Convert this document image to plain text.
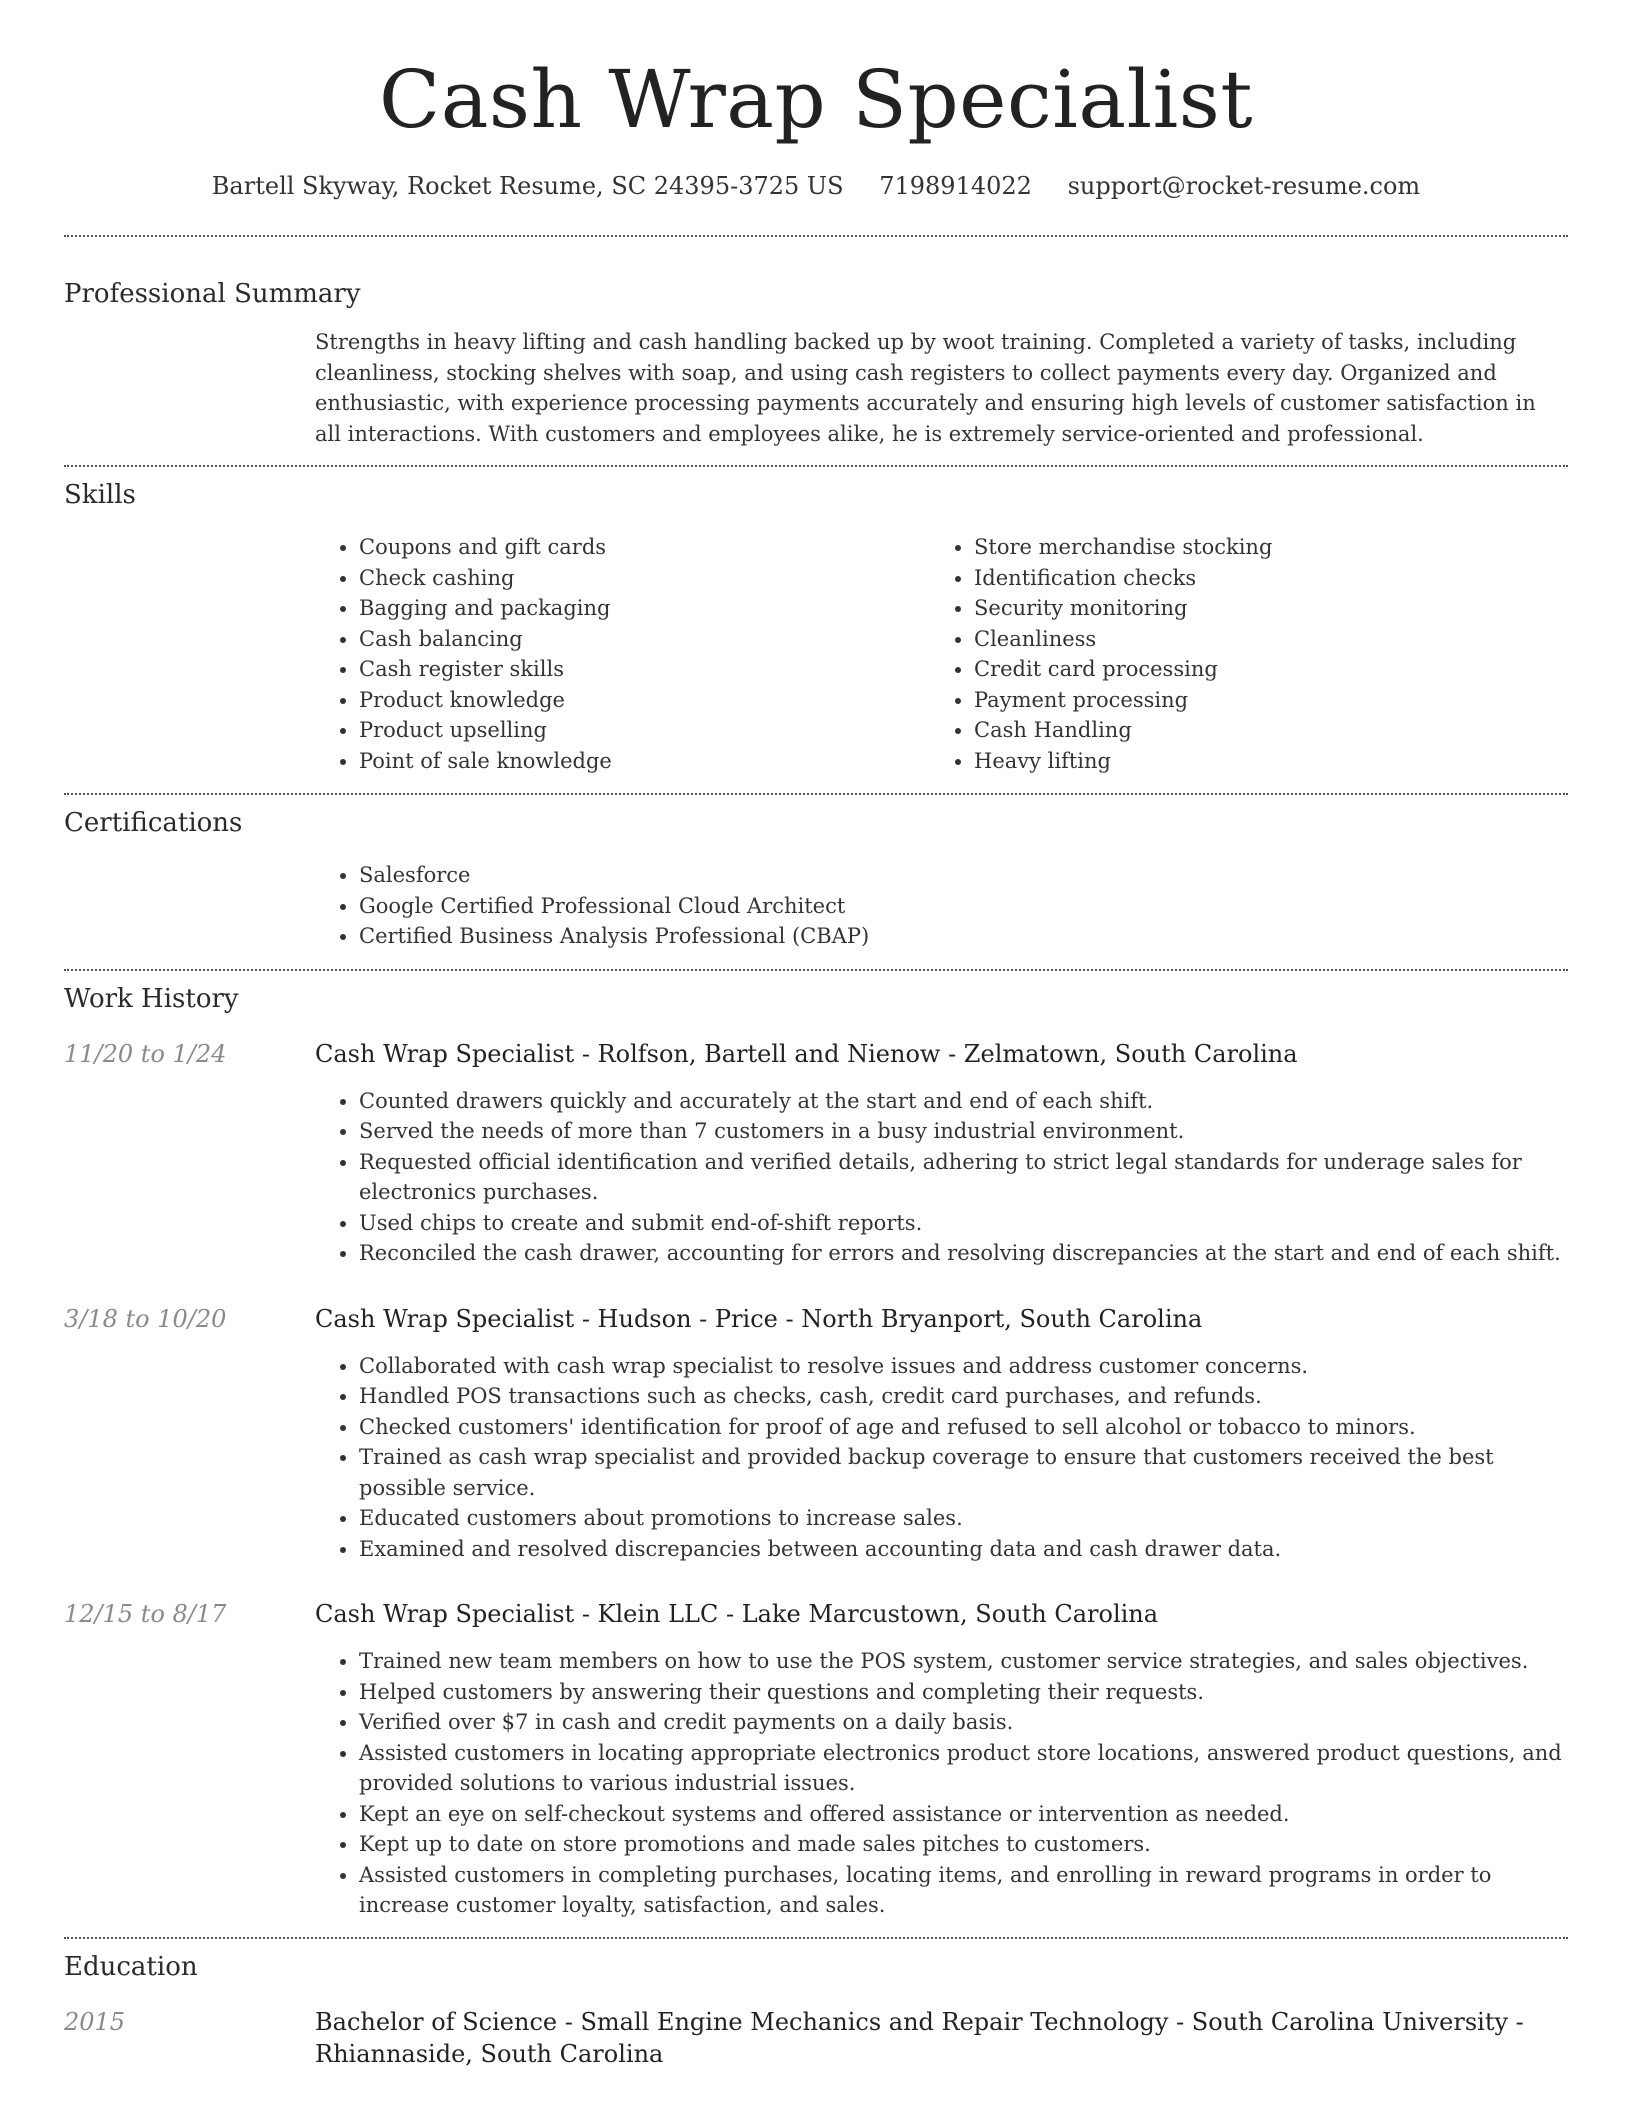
Cash Wrap Specialist
Bartell Skyway, Rocket Resume, SC 24395-3725 US 7198914022 support@rocket-resume.com
Professional Summary

Strengths in heavy lifting and cash handling backed up by woot training. Completed a variety of tasks, including cleanliness, stocking shelves with soap, and using cash registers to collect payments every day. Organized and enthusiastic, with experience processing payments accurately and ensuring high levels of customer satisfaction in all interactions. With customers and employees alike, he is extremely service-oriented and professional.

Skills
• Coupons and gift cards
• Check cashing
• Bagging and packaging
• Cash balancing
• Cash register skills
• Product knowledge
• Product upselling
• Point of sale knowledge
• Store merchandise stocking
• Identification checks
• Security monitoring
• Cleanliness
• Credit card processing
• Payment processing
• Cash Handling
• Heavy lifting
Certifications
• Salesforce
• Google Certified Professional Cloud Architect
• Certified Business Analysis Professional (CBAP)
Work History
11/20 to 1/24	Cash Wrap Specialist - Rolfson, Bartell and Nienow - Zelmatown, South Carolina
• Counted drawers quickly and accurately at the start and end of each shift.
• Served the needs of more than 7 customers in a busy industrial environment.
• Requested official identification and verified details, adhering to strict legal standards for underage sales for electronics purchases.
• Used chips to create and submit end-of-shift reports.
• Reconciled the cash drawer, accounting for errors and resolving discrepancies at the start and end of each shift.
3/18 to 10/20	Cash Wrap Specialist - Hudson - Price - North Bryanport, South Carolina
• Collaborated with cash wrap specialist to resolve issues and address customer concerns.
• Handled POS transactions such as checks, cash, credit card purchases, and refunds.
• Checked customers' identification for proof of age and refused to sell alcohol or tobacco to minors.
• Trained as cash wrap specialist and provided backup coverage to ensure that customers received the best possible service.
• Educated customers about promotions to increase sales.
• Examined and resolved discrepancies between accounting data and cash drawer data.
12/15 to 8/17	Cash Wrap Specialist - Klein LLC - Lake Marcustown, South Carolina
• Trained new team members on how to use the POS system, customer service strategies, and sales objectives.
• Helped customers by answering their questions and completing their requests.
• Verified over $7 in cash and credit payments on a daily basis.
• Assisted customers in locating appropriate electronics product store locations, answered product questions, and provided solutions to various industrial issues.
• Kept an eye on self-checkout systems and offered assistance or intervention as needed.
• Kept up to date on store promotions and made sales pitches to customers.
• Assisted customers in completing purchases, locating items, and enrolling in reward programs in order to increase customer loyalty, satisfaction, and sales.
Education
2015	Bachelor of Science - Small Engine Mechanics and Repair Technology - South Carolina University - Rhiannaside, South Carolina
